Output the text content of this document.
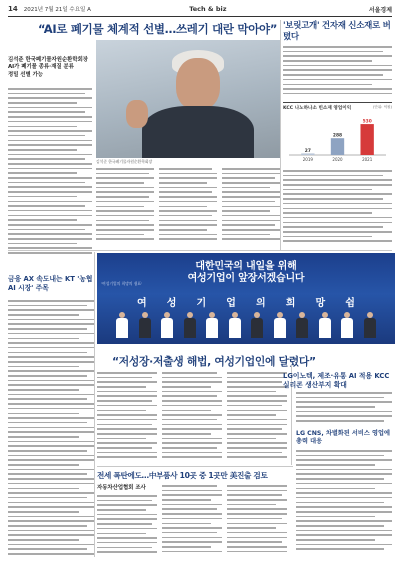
14 2021년 7월 21일 수요일 A	Tech & biz	서울경제
“AI로 폐기물 체계적 선별…쓰레기 대란 막아야”
김석준 한국폐기물자원순환학회장
AI가 폐기물 종류·재질 분류
정밀 선별 가능
김석준 한국폐기물자원순환학회장
'보릿고개' 건자재 신소재로 버텼다
KCC 나노하나소 빈소재 영업이익	(단위: 억원)
27
2019
288
2020
530
2021
금융 AX 속도내는 KT '농협AI 시장' 주목
대한민국의 내일을 위해
여성기업이 앞장서겠습니다
여 성 기 업 의 희 망 쉼
'여성기업의 희망의 쉼표'
“저성장·저출생 해법, 여성기업인에 달렸다”
LG이노텍, 제조·유통 AI 적용 KCC 실리콘 생산부지 확대
LG CNS, 차별화된 서비스 영업에 총력 대응
전세 폭탄에도…中부품사 10곳 중 1곳만 美진출 검토
자동차산업협회 조사
